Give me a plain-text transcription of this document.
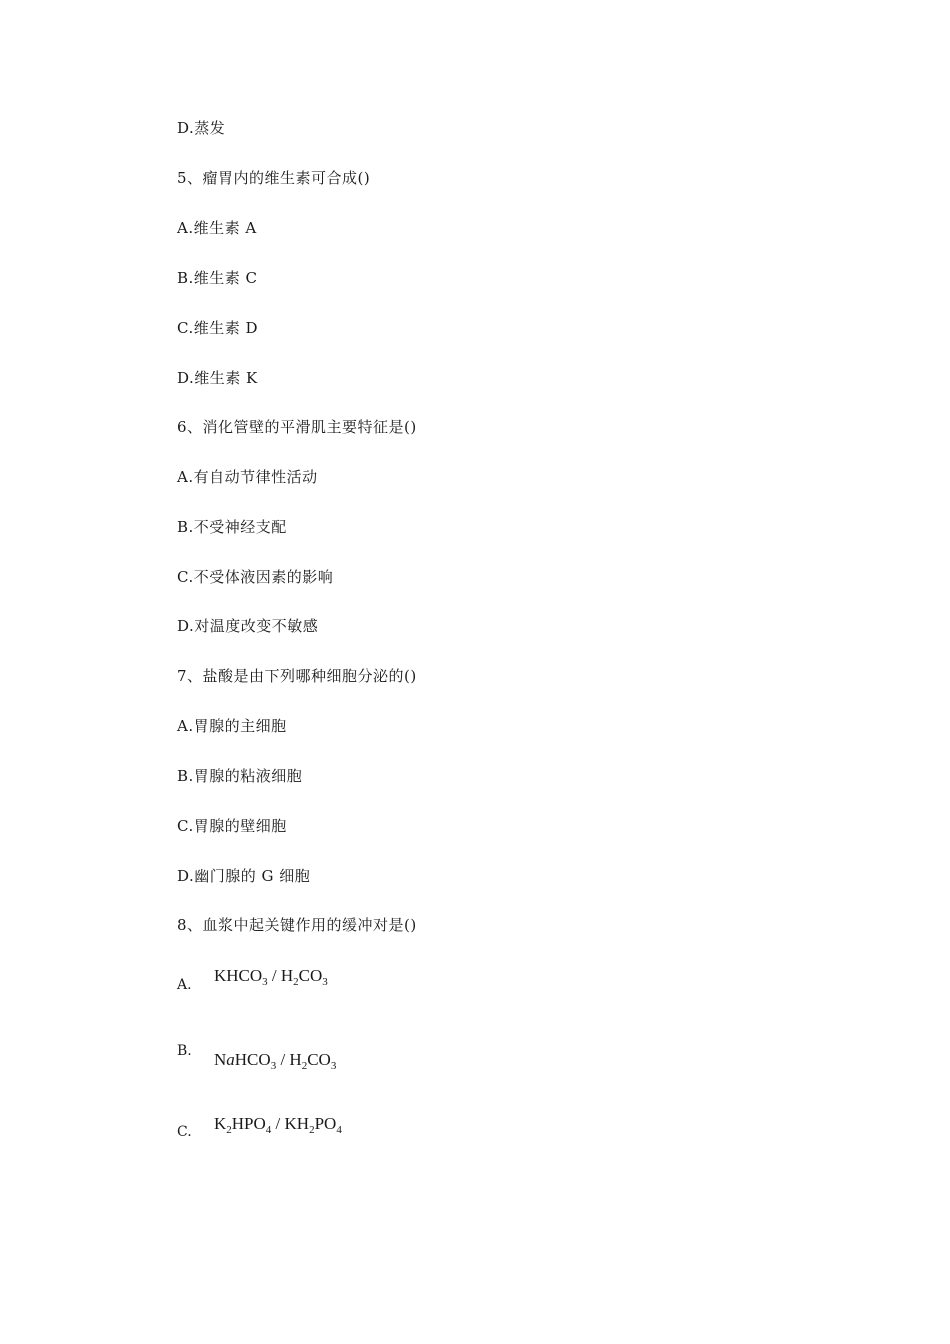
D.蒸发
5、瘤胃内的维生素可合成()
A.维生素 A
B.维生素 C
C.维生素 D
D.维生素 K
6、消化管壁的平滑肌主要特征是()
A.有自动节律性活动
B.不受神经支配
C.不受体液因素的影响
D.对温度改变不敏感
7、盐酸是由下列哪种细胞分泌的()
A.胃腺的主细胞
B.胃腺的粘液细胞
C.胃腺的壁细胞
D.幽门腺的 G 细胞
8、血浆中起关键作用的缓冲对是()
A. $KHCO_3 / H_2CO_3$
B. NaHCO$_3$ / $H_2CO_3$
C. $K_2HPO_4 / KH_2PO_4$
